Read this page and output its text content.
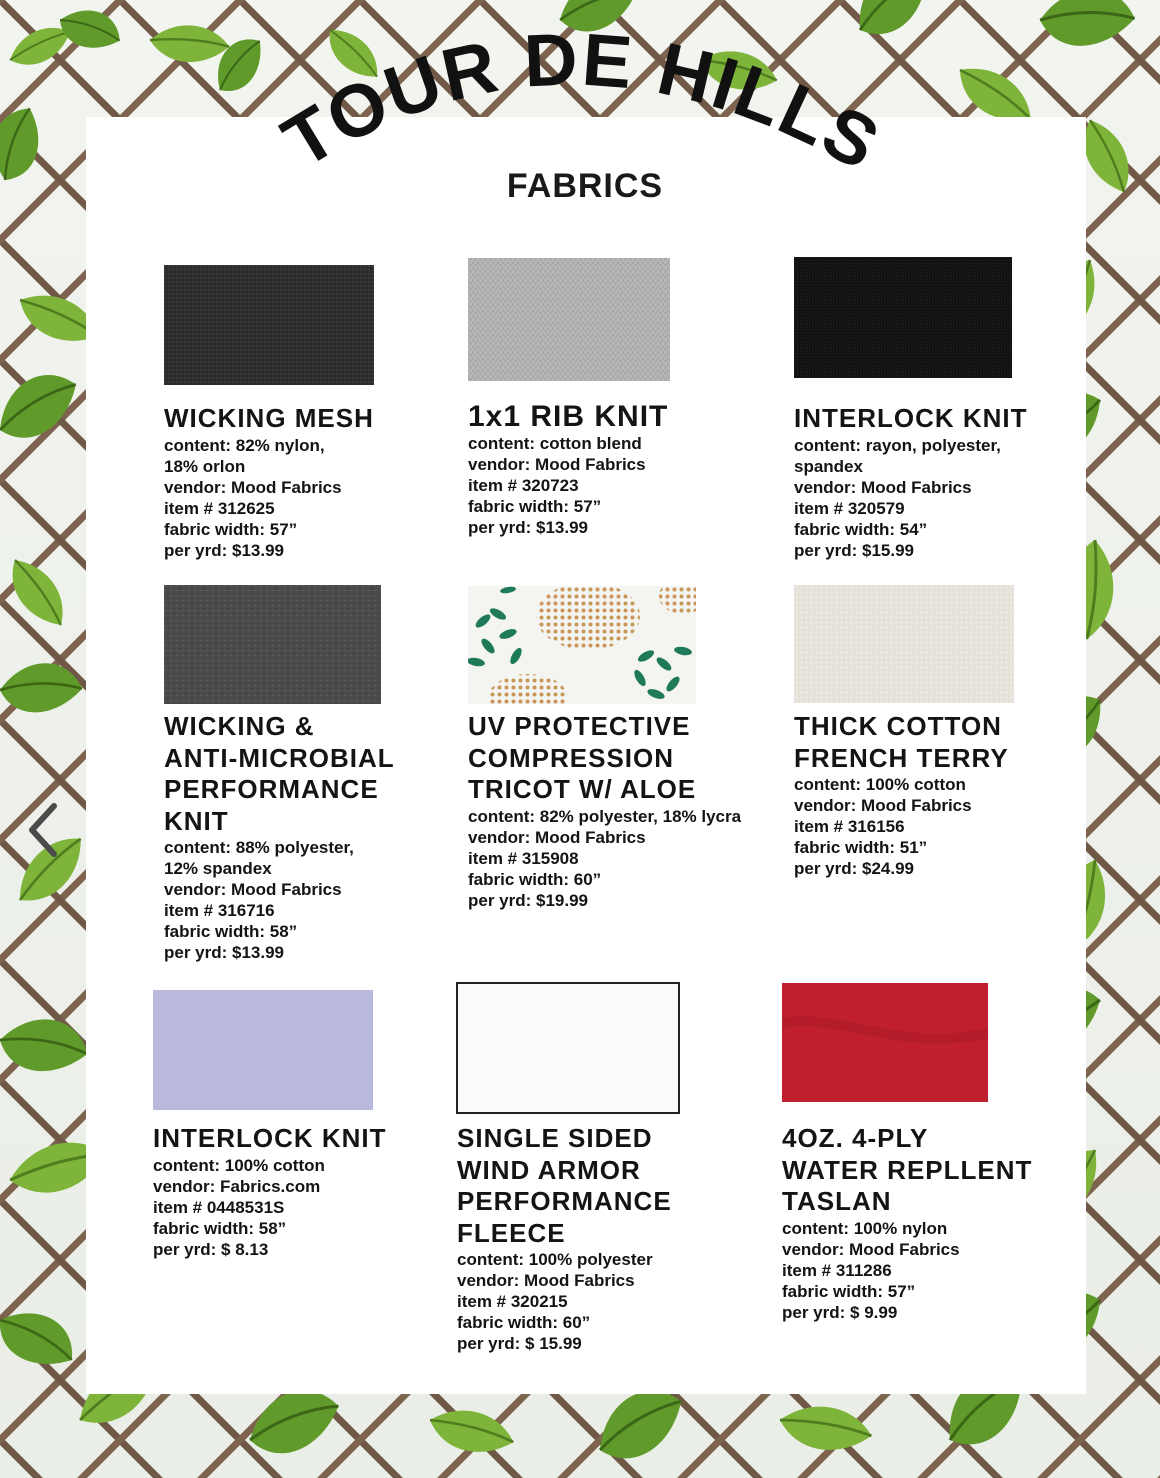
TOUR DE HILLS
FABRICS
WICKING MESH
content: 82% nylon,
18% orlon
vendor: Mood Fabrics
item # 312625
fabric width: 57”
per yrd: $13.99
1x1 RIB KNIT
content: cotton blend
vendor: Mood Fabrics
item # 320723
fabric width: 57”
per yrd: $13.99
INTERLOCK KNIT
content: rayon, polyester,
spandex
vendor: Mood Fabrics
item # 320579
fabric width: 54”
per yrd: $15.99
WICKING &
ANTI-MICROBIAL
PERFORMANCE
KNIT
content: 88% polyester,
12% spandex
vendor: Mood Fabrics
item # 316716
fabric width: 58”
per yrd: $13.99
UV PROTECTIVE
COMPRESSION
TRICOT W/ ALOE
content: 82% polyester, 18% lycra
vendor: Mood Fabrics
item # 315908
fabric width: 60”
per yrd: $19.99
THICK COTTON
FRENCH TERRY
content: 100% cotton
vendor: Mood Fabrics
item # 316156
fabric width: 51”
per yrd: $24.99
INTERLOCK KNIT
content: 100% cotton
vendor: Fabrics.com
item # 0448531S
fabric width: 58”
per yrd: $ 8.13
SINGLE SIDED
WIND ARMOR
PERFORMANCE
FLEECE
content: 100% polyester
vendor: Mood Fabrics
item # 320215
fabric width: 60”
per yrd: $ 15.99
4OZ. 4-PLY
WATER REPLLENT
TASLAN
content: 100% nylon
vendor: Mood Fabrics
item # 311286
fabric width: 57”
per yrd: $ 9.99
